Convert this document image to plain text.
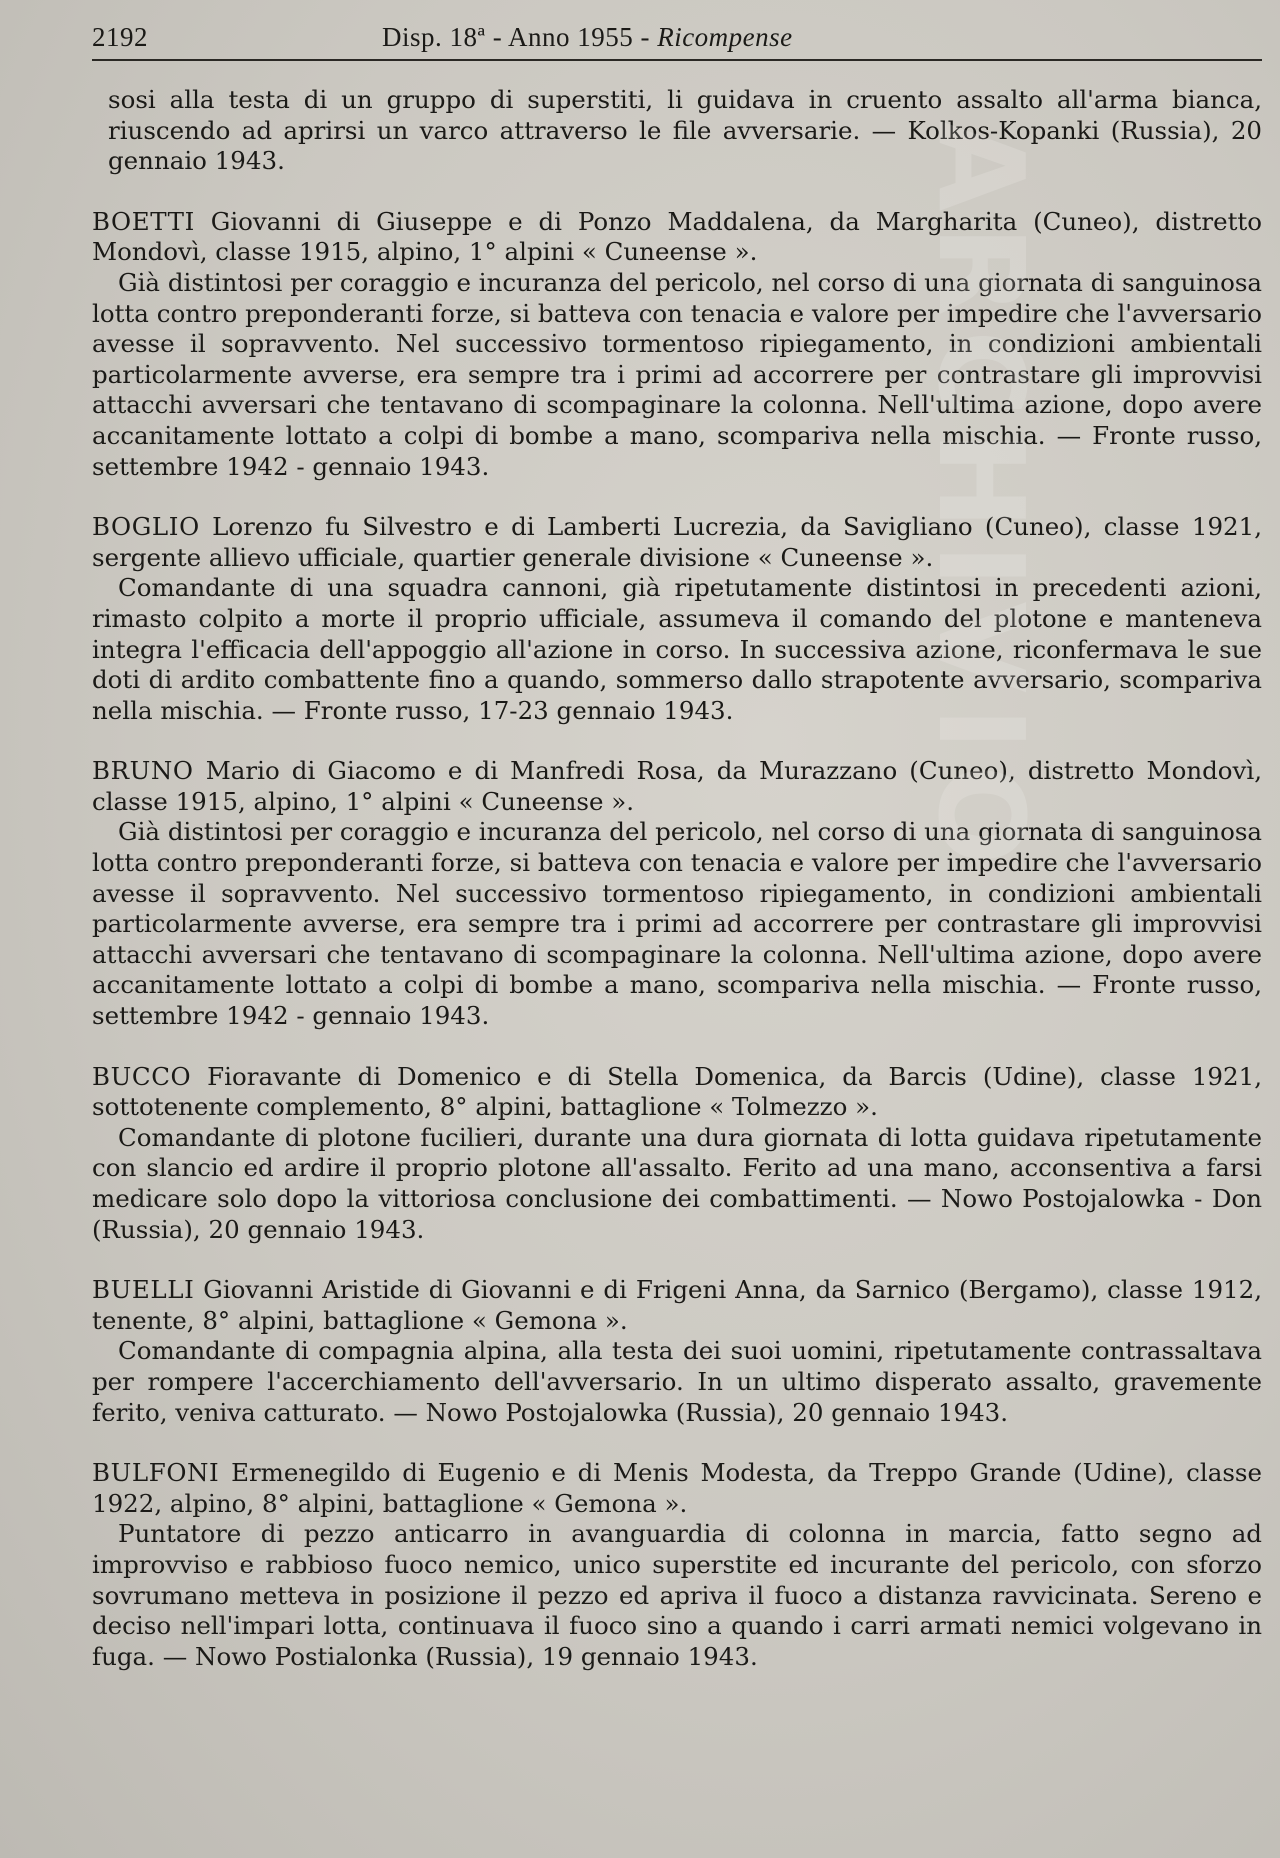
ARCHIVIO
2192	Disp. 18ª - Anno 1955 - Ricompense

sosi alla testa di un gruppo di superstiti, li guidava in cruento assalto all'arma bianca, riuscendo ad aprirsi un varco attraverso le file avversarie. — Kolkos-Kopanki (Russia), 20 gennaio 1943.

BOETTI Giovanni di Giuseppe e di Ponzo Maddalena, da Margharita (Cuneo), distretto Mondovì, classe 1915, alpino, 1° alpini « Cuneense ».

Già distintosi per coraggio e incuranza del pericolo, nel corso di una giornata di sanguinosa lotta contro preponderanti forze, si batteva con tenacia e valore per impedire che l'avversario avesse il sopravvento. Nel successivo tormentoso ripiegamento, in condizioni ambientali particolarmente avverse, era sempre tra i primi ad accorrere per contrastare gli improvvisi attacchi avversari che tentavano di scompaginare la colonna. Nell'ultima azione, dopo avere accanitamente lottato a colpi di bombe a mano, scompariva nella mischia. — Fronte russo, settembre 1942 - gennaio 1943.

BOGLIO Lorenzo fu Silvestro e di Lamberti Lucrezia, da Savigliano (Cuneo), classe 1921, sergente allievo ufficiale, quartier generale divisione « Cuneense ».

Comandante di una squadra cannoni, già ripetutamente distintosi in precedenti azioni, rimasto colpito a morte il proprio ufficiale, assumeva il comando del plotone e manteneva integra l'efficacia dell'appoggio all'azione in corso. In successiva azione, riconfermava le sue doti di ardito combattente fino a quando, sommerso dallo strapotente avversario, scompariva nella mischia. — Fronte russo, 17-23 gennaio 1943.

BRUNO Mario di Giacomo e di Manfredi Rosa, da Murazzano (Cuneo), distretto Mondovì, classe 1915, alpino, 1° alpini « Cuneense ».

Già distintosi per coraggio e incuranza del pericolo, nel corso di una giornata di sanguinosa lotta contro preponderanti forze, si batteva con tenacia e valore per impedire che l'avversario avesse il sopravvento. Nel successivo tormentoso ripiegamento, in condizioni ambientali particolarmente avverse, era sempre tra i primi ad accorrere per contrastare gli improvvisi attacchi avversari che tentavano di scompaginare la colonna. Nell'ultima azione, dopo avere accanitamente lottato a colpi di bombe a mano, scompariva nella mischia. — Fronte russo, settembre 1942 - gennaio 1943.

BUCCO Fioravante di Domenico e di Stella Domenica, da Barcis (Udine), classe 1921, sottotenente complemento, 8° alpini, battaglione « Tolmezzo ».

Comandante di plotone fucilieri, durante una dura giornata di lotta guidava ripetutamente con slancio ed ardire il proprio plotone all'assalto. Ferito ad una mano, acconsentiva a farsi medicare solo dopo la vittoriosa conclusione dei combattimenti. — Nowo Postojalowka - Don (Russia), 20 gennaio 1943.

BUELLI Giovanni Aristide di Giovanni e di Frigeni Anna, da Sarnico (Bergamo), classe 1912, tenente, 8° alpini, battaglione « Gemona ».

Comandante di compagnia alpina, alla testa dei suoi uomini, ripetutamente contrassaltava per rompere l'accerchiamento dell'avversario. In un ultimo disperato assalto, gravemente ferito, veniva catturato. — Nowo Postojalowka (Russia), 20 gennaio 1943.

BULFONI Ermenegildo di Eugenio e di Menis Modesta, da Treppo Grande (Udine), classe 1922, alpino, 8° alpini, battaglione « Gemona ».

Puntatore di pezzo anticarro in avanguardia di colonna in marcia, fatto segno ad improvviso e rabbioso fuoco nemico, unico superstite ed incurante del pericolo, con sforzo sovrumano metteva in posizione il pezzo ed apriva il fuoco a distanza ravvicinata. Sereno e deciso nell'impari lotta, continuava il fuoco sino a quando i carri armati nemici volgevano in fuga. — Nowo Postialonka (Russia), 19 gennaio 1943.
